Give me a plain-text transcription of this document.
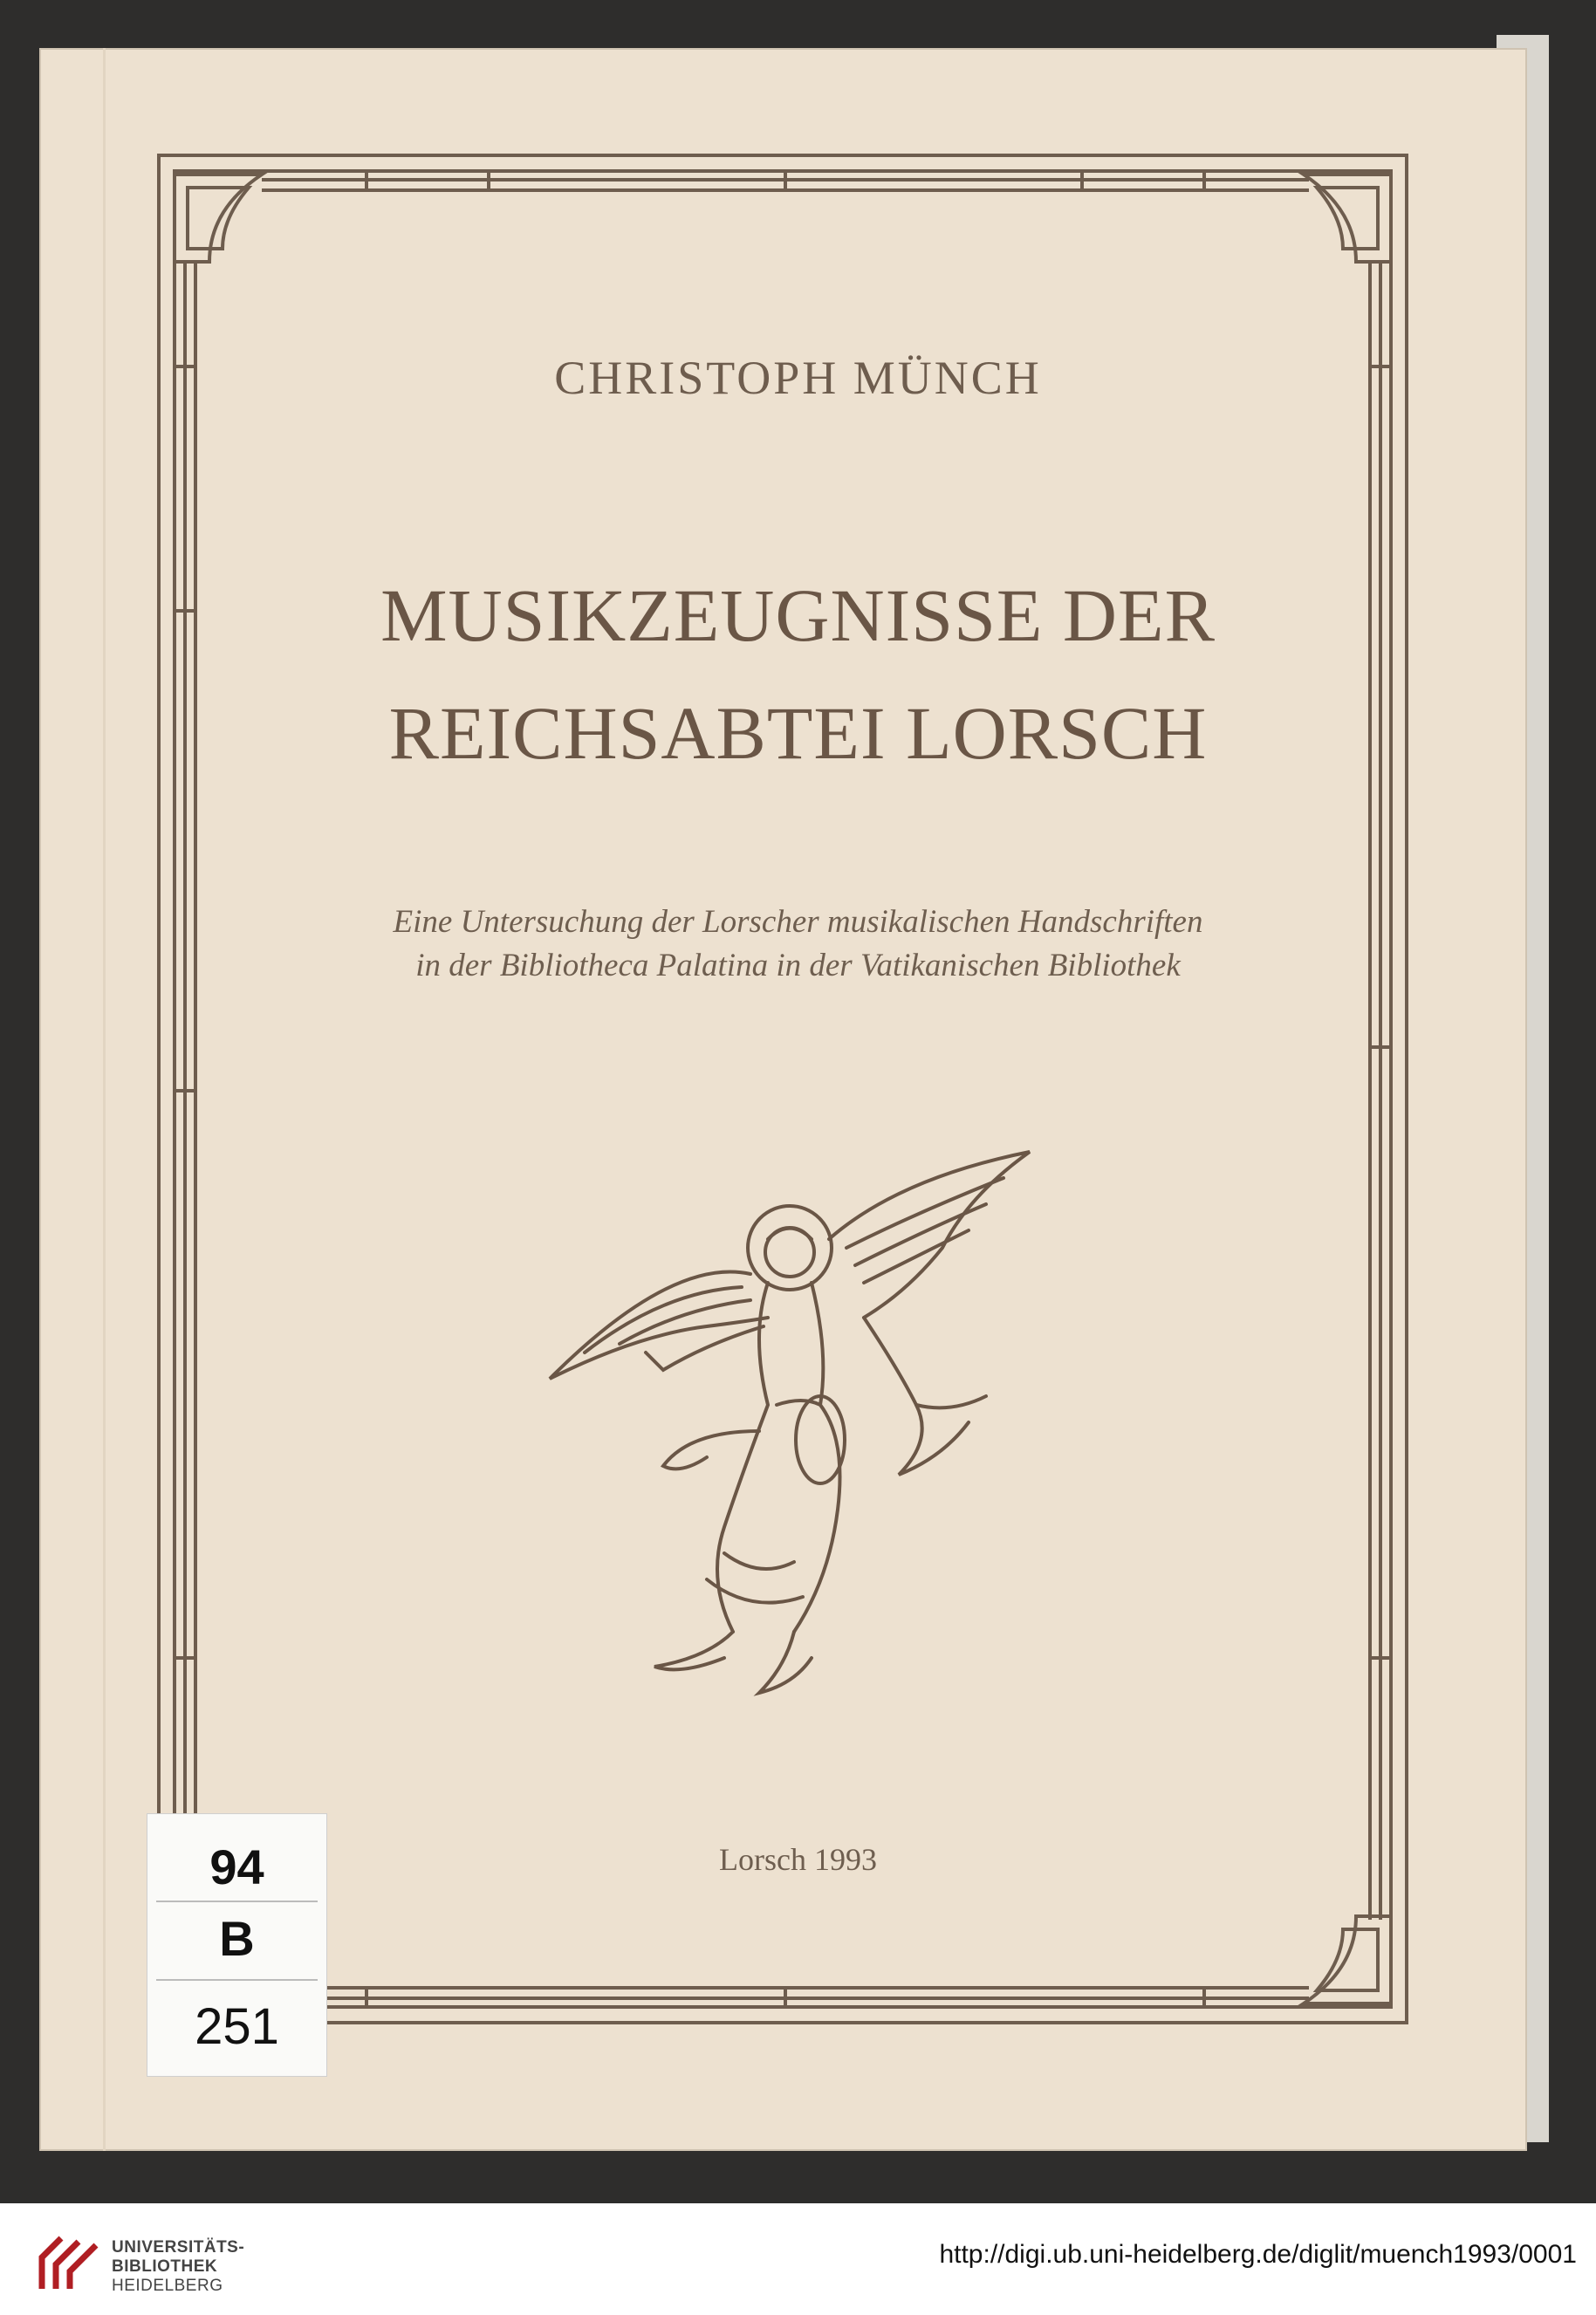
CHRISTOPH MÜNCH
MUSIKZEUGNISSE DER
REICHSABTEI LORSCH
Eine Untersuchung der Lorscher musikalischen Handschriften
in der Bibliotheca Palatina in der Vatikanischen Bibliothek
Lorsch 1993
94
B
251
UNIVERSITÄTS-
BIBLIOTHEK
HEIDELBERG
http://digi.ub.uni-heidelberg.de/diglit/muench1993/0001
